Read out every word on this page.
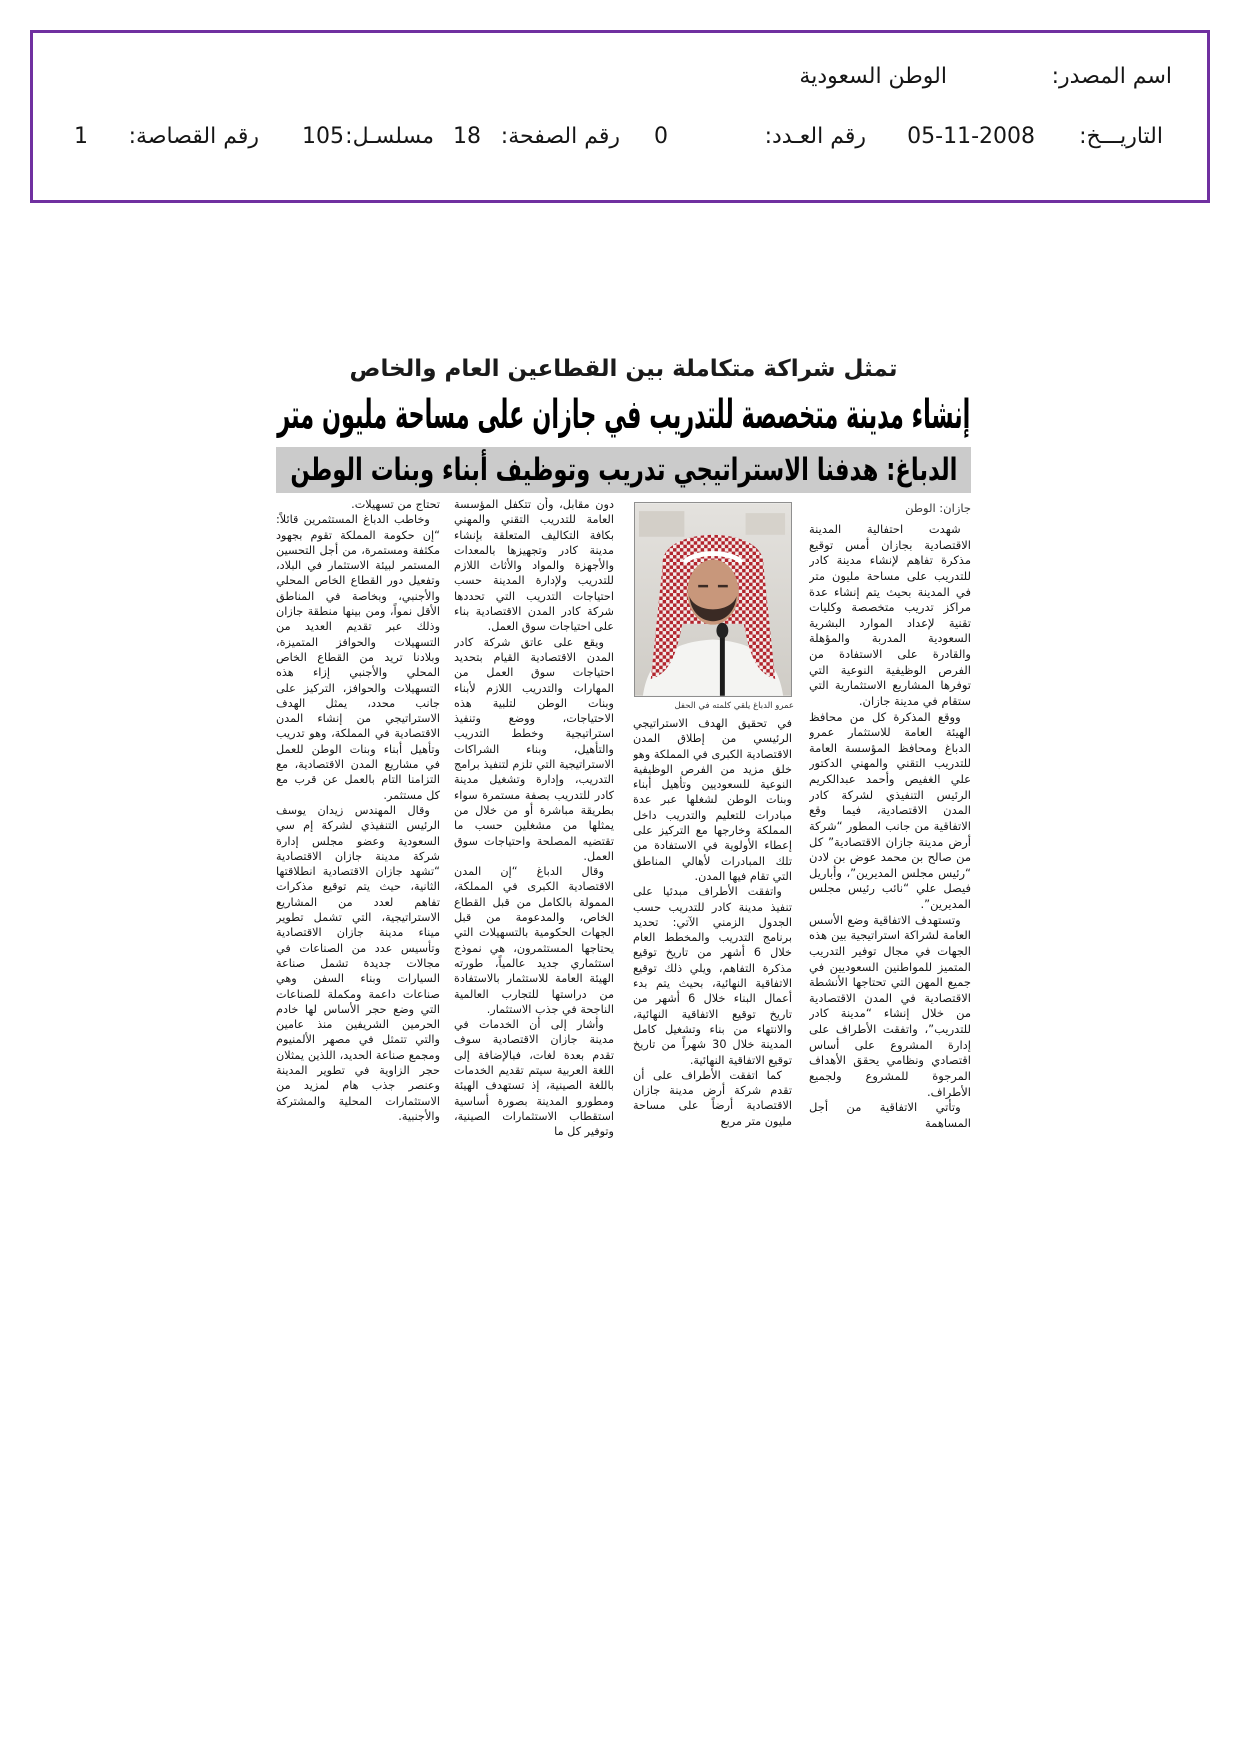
اسم المصدر:
الوطن السعودية
التاريـــخ:
05-11-2008
رقم العـدد:
0
رقم الصفحة:
18
مسلسـل:
105
رقم القصاصة:
1
تمثل شراكة متكاملة بين القطاعين العام والخاص
إنشاء مدينة متخصصة للتدريب في جازان على مساحة مليون متر
الدباغ: هدفنا الاستراتيجي تدريب وتوظيف أبناء وبنات الوطن
جازان: الوطن

شهدت احتفالية المدينة الاقتصادية بجازان أمس توقيع مذكرة تفاهم لإنشاء مدينة كادر للتدريب على مساحة مليون متر في المدينة بحيث يتم إنشاء عدة مراكز تدريب متخصصة وكليات تقنية لإعداد الموارد البشرية السعودية المدربة والمؤهلة والقادرة على الاستفادة من الفرص الوظيفية النوعية التي توفرها المشاريع الاستثمارية التي ستقام في مدينة جازان.

ووقع المذكرة كل من محافظ الهيئة العامة للاستثمار عمرو الدباغ ومحافظ المؤسسة العامة للتدريب التقني والمهني الدكتور علي الغفيص وأحمد عبدالكريم الرئيس التنفيذي لشركة كادر المدن الاقتصادية، فيما وقع الاتفاقية من جانب المطور “شركة أرض مدينة جازان الاقتصادية” كل من صالح بن محمد عوض بن لادن “رئيس مجلس المديرين”، وأباريل فيصل علي “نائب رئيس مجلس المديرين”.

وتستهدف الاتفاقية وضع الأسس العامة لشراكة استراتيجية بين هذه الجهات في مجال توفير التدريب المتميز للمواطنين السعوديين في جميع المهن التي تحتاجها الأنشطة الاقتصادية في المدن الاقتصادية من خلال إنشاء “مدينة كادر للتدريب”، واتفقت الأطراف على إدارة المشروع على أساس اقتصادي ونظامي يحقق الأهداف المرجوة للمشروع ولجميع الأطراف.

وتأتي الاتفاقية من أجل المساهمة

عمرو الدباغ يلقي كلمته في الحفل

في تحقيق الهدف الاستراتيجي الرئيسي من إطلاق المدن الاقتصادية الكبرى في المملكة وهو خلق مزيد من الفرص الوظيفية النوعية للسعوديين وتأهيل أبناء وبنات الوطن لشغلها عبر عدة مبادرات للتعليم والتدريب داخل المملكة وخارجها مع التركيز على إعطاء الأولوية في الاستفادة من تلك المبادرات لأهالي المناطق التي تقام فيها المدن.

واتفقت الأطراف مبدئيا على تنفيذ مدينة كادر للتدريب حسب الجدول الزمني الآتي: تحديد برنامج التدريب والمخطط العام خلال 6 أشهر من تاريخ توقيع مذكرة التفاهم، ويلي ذلك توقيع الاتفاقية النهائية، بحيث يتم بدء أعمال البناء خلال 6 أشهر من تاريخ توقيع الاتفاقية النهائية، والانتهاء من بناء وتشغيل كامل المدينة خلال 30 شهراً من تاريخ توقيع الاتفاقية النهائية.

كما اتفقت الأطراف على أن تقدم شركة أرض مدينة جازان الاقتصادية أرضاً على مساحة مليون متر مربع

دون مقابل، وأن تتكفل المؤسسة العامة للتدريب التقني والمهني بكافة التكاليف المتعلقة بإنشاء مدينة كادر وتجهيزها بالمعدات والأجهزة والمواد والأثاث اللازم للتدريب ولإدارة المدينة حسب احتياجات التدريب التي تحددها شركة كادر المدن الاقتصادية بناء على احتياجات سوق العمل.

ويقع على عاتق شركة كادر المدن الاقتصادية القيام بتحديد احتياجات سوق العمل من المهارات والتدريب اللازم لأبناء وبنات الوطن لتلبية هذه الاحتياجات، ووضع وتنفيذ استراتيجية وخطط التدريب والتأهيل، وبناء الشراكات الاستراتيجية التي تلزم لتنفيذ برامج التدريب، وإدارة وتشغيل مدينة كادر للتدريب بصفة مستمرة سواء بطريقة مباشرة أو من خلال من يمثلها من مشغلين حسب ما تقتضيه المصلحة واحتياجات سوق العمل.

وقال الدباغ “إن المدن الاقتصادية الكبرى في المملكة، الممولة بالكامل من قبل القطاع الخاص، والمدعومة من قبل الجهات الحكومية بالتسهيلات التي يحتاجها المستثمرون، هي نموذج استثماري جديد عالمياً، طورته الهيئة العامة للاستثمار بالاستفادة من دراستها للتجارب العالمية الناجحة في جذب الاستثمار.

وأشار إلى أن الخدمات في مدينة جازان الاقتصادية سوف تقدم بعدة لغات، فبالإضافة إلى اللغة العربية سيتم تقديم الخدمات باللغة الصينية، إذ تستهدف الهيئة ومطورو المدينة بصورة أساسية استقطاب الاستثمارات الصينية، وتوفير كل ما

تحتاج من تسهيلات.

وخاطب الدباغ المستثمرين قائلاً: “إن حكومة المملكة تقوم بجهود مكثفة ومستمرة، من أجل التحسين المستمر لبيئة الاستثمار في البلاد، وتفعيل دور القطاع الخاص المحلي والأجنبي، وبخاصة في المناطق الأقل نمواً، ومن بينها منطقة جازان وذلك عبر تقديم العديد من التسهيلات والحوافز المتميزة، وبلادنا تريد من القطاع الخاص المحلي والأجنبي إزاء هذه التسهيلات والحوافز، التركيز على جانب محدد، يمثل الهدف الاستراتيجي من إنشاء المدن الاقتصادية في المملكة، وهو تدريب وتأهيل أبناء وبنات الوطن للعمل في مشاريع المدن الاقتصادية، مع التزامنا التام بالعمل عن قرب مع كل مستثمر.

وقال المهندس زيدان يوسف الرئيس التنفيذي لشركة إم سي السعودية وعضو مجلس إدارة شركة مدينة جازان الاقتصادية “تشهد جازان الاقتصادية انطلاقتها الثانية، حيث يتم توقيع مذكرات تفاهم لعدد من المشاريع الاستراتيجية، التي تشمل تطوير ميناء مدينة جازان الاقتصادية وتأسيس عدد من الصناعات في مجالات جديدة تشمل صناعة السيارات وبناء السفن وهي صناعات داعمة ومكملة للصناعات التي وضع حجر الأساس لها خادم الحرمين الشريفين منذ عامين والتي تتمثل في مصهر الألمنيوم ومجمع صناعة الحديد، اللذين يمثلان حجر الزاوية في تطوير المدينة وعنصر جذب هام لمزيد من الاستثمارات المحلية والمشتركة والأجنبية.
